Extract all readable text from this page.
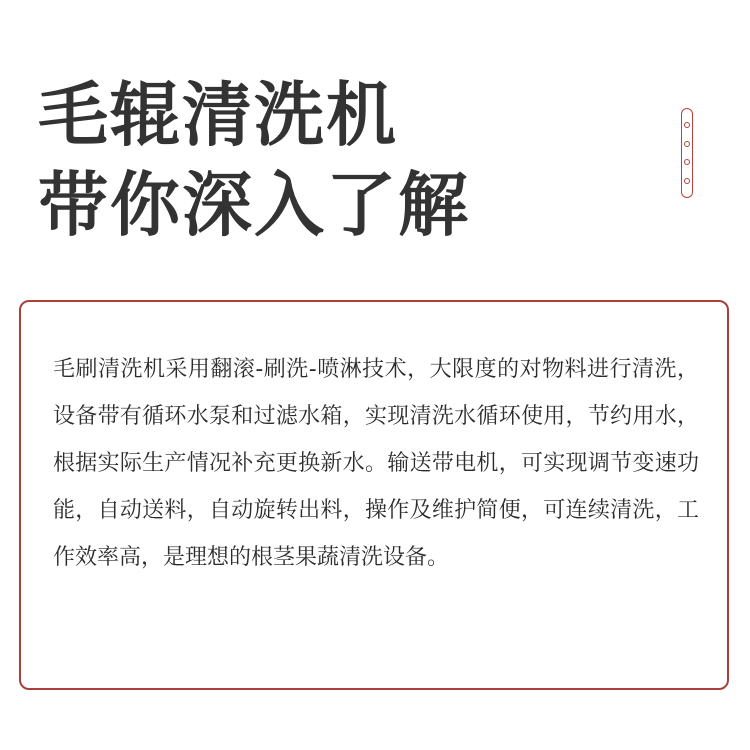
毛辊清洗机
带你深入了解

毛刷清洗机采用翻滚-刷洗-喷淋技术，大限度的对物料进行清洗，设备带有循环水泵和过滤水箱，实现清洗水循环使用，节约用水，根据实际生产情况补充更换新水。输送带电机，可实现调节变速功能，自动送料，自动旋转出料，操作及维护简便，可连续清洗，工作效率高，是理想的根茎果蔬清洗设备。
